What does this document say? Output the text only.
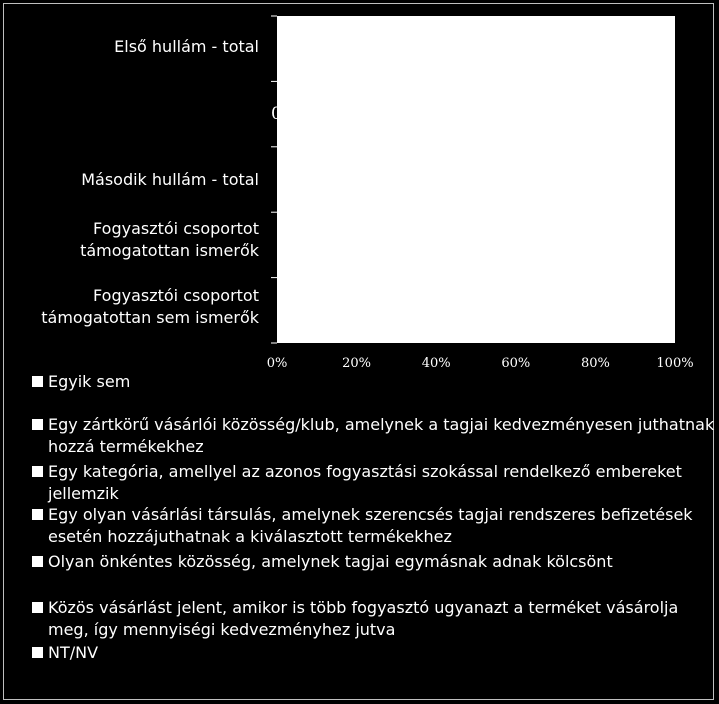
Első hullám - total
Második hullám - total
Fogyasztói csoportot támogatottan ismerők
Fogyasztói csoportot támogatottan sem ismerők
0%	20%	40%	60%	80%	100%
0
Egyik sem
Egy zártkörű vásárlói közösség/klub, amelynek a tagjai kedvezményesen juthatnak hozzá termékekhez
Egy kategória, amellyel az azonos fogyasztási szokással rendelkező embereket jellemzik
Egy olyan vásárlási társulás, amelynek szerencsés tagjai rendszeres befizetések esetén hozzájuthatnak a kiválasztott termékekhez
Olyan önkéntes közösség, amelynek tagjai egymásnak adnak kölcsönt
Közös vásárlást jelent, amikor is több fogyasztó ugyanazt a terméket vásárolja meg, így mennyiségi kedvezményhez jutva
NT/NV
